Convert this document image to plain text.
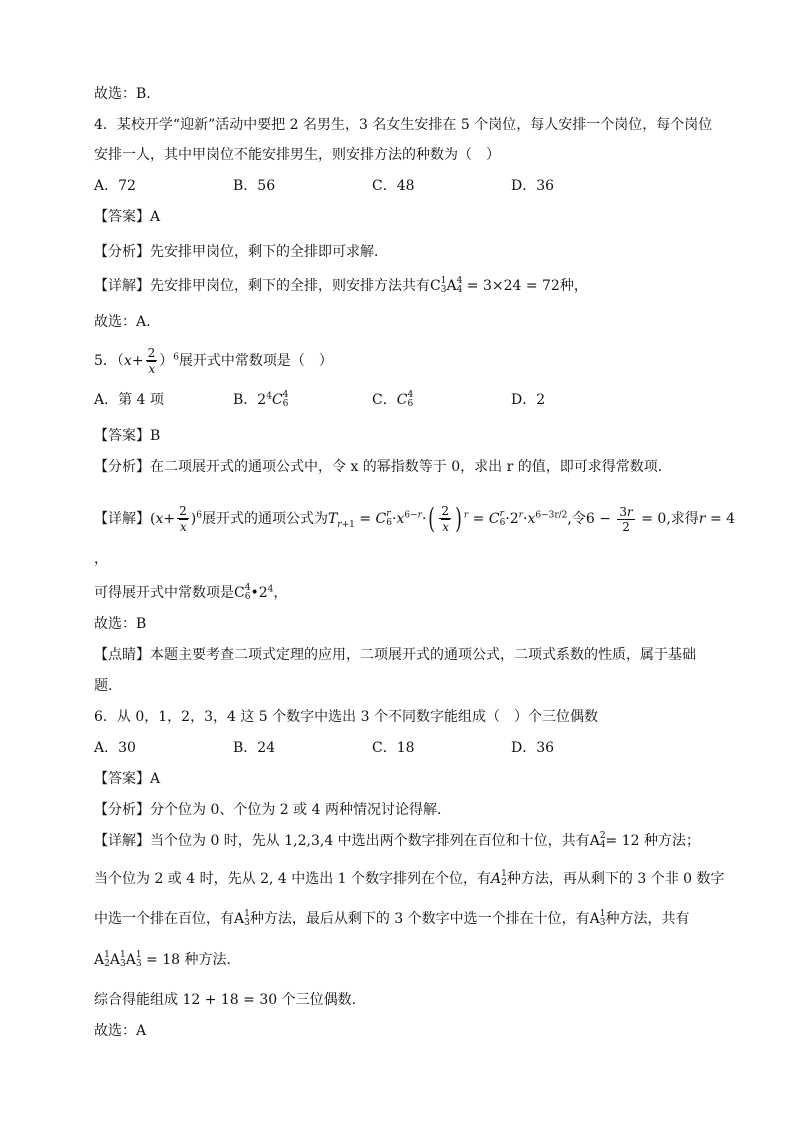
故选：B.
4．某校开学“迎新”活动中要把 2 名男生，3 名女生安排在 5 个岗位，每人安排一个岗位，每个岗位
安排一人，其中甲岗位不能安排男生，则安排方法的种数为（　）
A．72	B．56	C．48	D．36
【答案】A
【分析】先安排甲岗位，剩下的全排即可求解．
【详解】先安排甲岗位，剩下的全排，则安排方法共有C 1
3 A 4
4 = 3×24 = 72种，
故选：A.
5．$(x+ \frac{2}{x} )^6$展开式中常数项是（　）
A．第 4 项	B．$2^4C$ 4
6	C．C 4
6	D．2
【答案】B
【分析】在二项展开式的通项公式中，令 x 的幂指数等于 0，求出 r 的值，即可求得常数项．
【详解】$(x+ \frac{2}{x} )^6$展开式的通项公式为$T_{r+1} = C$ r
$6 \cdot x^{6-r}\cdot( \frac{2}{x}$ ) $^r$ = C r
$6 \cdot 2^r\cdot x^{6-3r/2}$,令$6 - \frac{3r}{2} = 0$,求得r = 4
，
可得展开式中常数项是C 4
6 $•2^4$，
故选：B
【点睛】本题主要考查二项式定理的应用，二项展开式的通项公式，二项式系数的性质，属于基础
题．
6．从 0，1，2，3，4 这 5 个数字中选出 3 个不同数字能组成（　）个三位偶数
A．30	B．24	C．18	D．36
【答案】A
【分析】分个位为 0、个位为 2 或 4 两种情况讨论得解.
【详解】当个位为 0 时，先从 1,2,3,4 中选出两个数字排列在百位和十位，共有A 2
4 = 12 种方法；
当个位为 2 或 4 时，先从 2, 4 中选出 1 个数字排列在个位，有A 1
2 种方法，再从剩下的 3 个非 0 数字
中选一个排在百位，有A 1
3 种方法，最后从剩下的 3 个数字中选一个排在十位，有A 1
3 种方法，共有
A 1
2 A 1
3 A 1
3 = 18 种方法.
综合得能组成 12 + 18 = 30 个三位偶数.
故选：A
